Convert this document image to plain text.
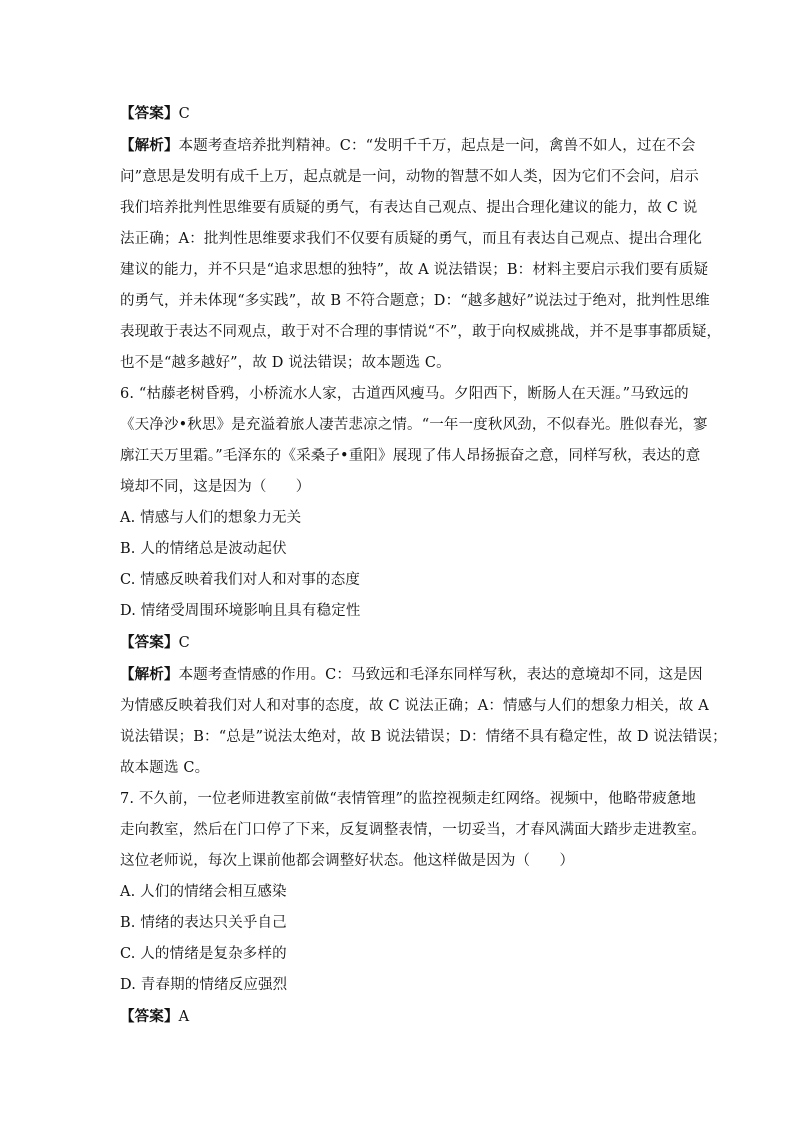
【答案】C
【解析】本题考查培养批判精神。C：“发明千千万，起点是一问，禽兽不如人，过在不会
问”意思是发明有成千上万，起点就是一问，动物的智慧不如人类，因为它们不会问，启示
我们培养批判性思维要有质疑的勇气，有表达自己观点、提出合理化建议的能力，故 C 说
法正确；A：批判性思维要求我们不仅要有质疑的勇气，而且有表达自己观点、提出合理化
建议的能力，并不只是“追求思想的独特”，故 A 说法错误；B：材料主要启示我们要有质疑
的勇气，并未体现“多实践”，故 B 不符合题意；D：“越多越好”说法过于绝对，批判性思维
表现敢于表达不同观点，敢于对不合理的事情说“不”，敢于向权威挑战，并不是事事都质疑，
也不是“越多越好”，故 D 说法错误；故本题选 C。
6. “枯藤老树昏鸦，小桥流水人家，古道西风瘦马。夕阳西下，断肠人在天涯。”马致远的
《天净沙•秋思》是充溢着旅人凄苦悲凉之情。“一年一度秋风劲，不似春光。胜似春光，寥
廓江天万里霜。”毛泽东的《采桑子•重阳》展现了伟人昂扬振奋之意，同样写秋，表达的意
境却不同，这是因为（　　）
A. 情感与人们的想象力无关
B. 人的情绪总是波动起伏
C. 情感反映着我们对人和对事的态度
D. 情绪受周围环境影响且具有稳定性
【答案】C
【解析】本题考查情感的作用。C：马致远和毛泽东同样写秋，表达的意境却不同，这是因
为情感反映着我们对人和对事的态度，故 C 说法正确；A：情感与人们的想象力相关，故 A
说法错误；B：“总是”说法太绝对，故 B 说法错误；D：情绪不具有稳定性，故 D 说法错误；
故本题选 C。
7. 不久前，一位老师进教室前做“表情管理”的监控视频走红网络。视频中，他略带疲惫地
走向教室，然后在门口停了下来，反复调整表情，一切妥当，才春风满面大踏步走进教室。
这位老师说，每次上课前他都会调整好状态。他这样做是因为（　　）
A. 人们的情绪会相互感染
B. 情绪的表达只关乎自己
C. 人的情绪是复杂多样的
D. 青春期的情绪反应强烈
【答案】A
